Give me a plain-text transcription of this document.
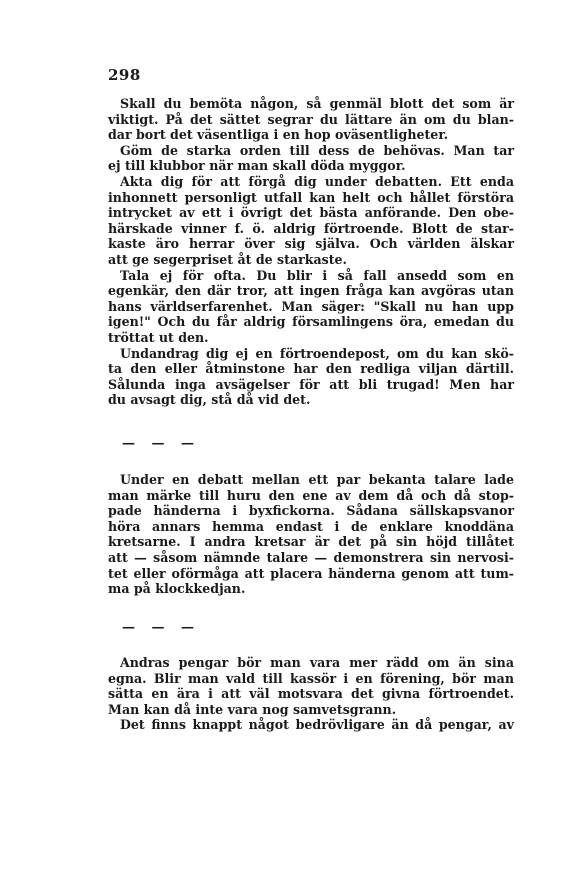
298
Skall du bemöta någon, så genmäl blott det som är
viktigt. På det sättet segrar du lättare än om du blan-
dar bort det väsentliga i en hop oväsentligheter.
Göm de starka orden till dess de behövas. Man tar
ej till klubbor när man skall döda myggor.
Akta dig för att förgå dig under debatten. Ett enda
inhonnett personligt utfall kan helt och hållet förstöra
intrycket av ett i övrigt det bästa anförande. Den obe-
härskade vinner f. ö. aldrig förtroende. Blott de star-
kaste äro herrar över sig själva. Och världen älskar
att ge segerpriset åt de starkaste.
Tala ej för ofta. Du blir i så fall ansedd som en
egenkär, den där tror, att ingen fråga kan avgöras utan
hans världserfarenhet. Man säger: "Skall nu han upp
igen!" Och du får aldrig församlingens öra, emedan du
tröttat ut den.
Undandrag dig ej en förtroendepost, om du kan skö-
ta den eller åtminstone har den redliga viljan därtill.
Sålunda inga avsägelser för att bli trugad! Men har
du avsagt dig, stå då vid det.
— — —
Under en debatt mellan ett par bekanta talare lade
man märke till huru den ene av dem då och då stop-
pade händerna i byxfickorna. Sådana sällskapsvanor
höra annars hemma endast i de enklare knoddäna
kretsarne. I andra kretsar är det på sin höjd tillåtet
att — såsom nämnde talare — demonstrera sin nervosi-
tet eller oförmåga att placera händerna genom att tum-
ma på klockkedjan.
— — —
Andras pengar bör man vara mer rädd om än sina
egna. Blir man vald till kassör i en förening, bör man
sätta en ära i att väl motsvara det givna förtroendet.
Man kan då inte vara nog samvetsgrann.
Det finns knappt något bedrövligare än då pengar, av
